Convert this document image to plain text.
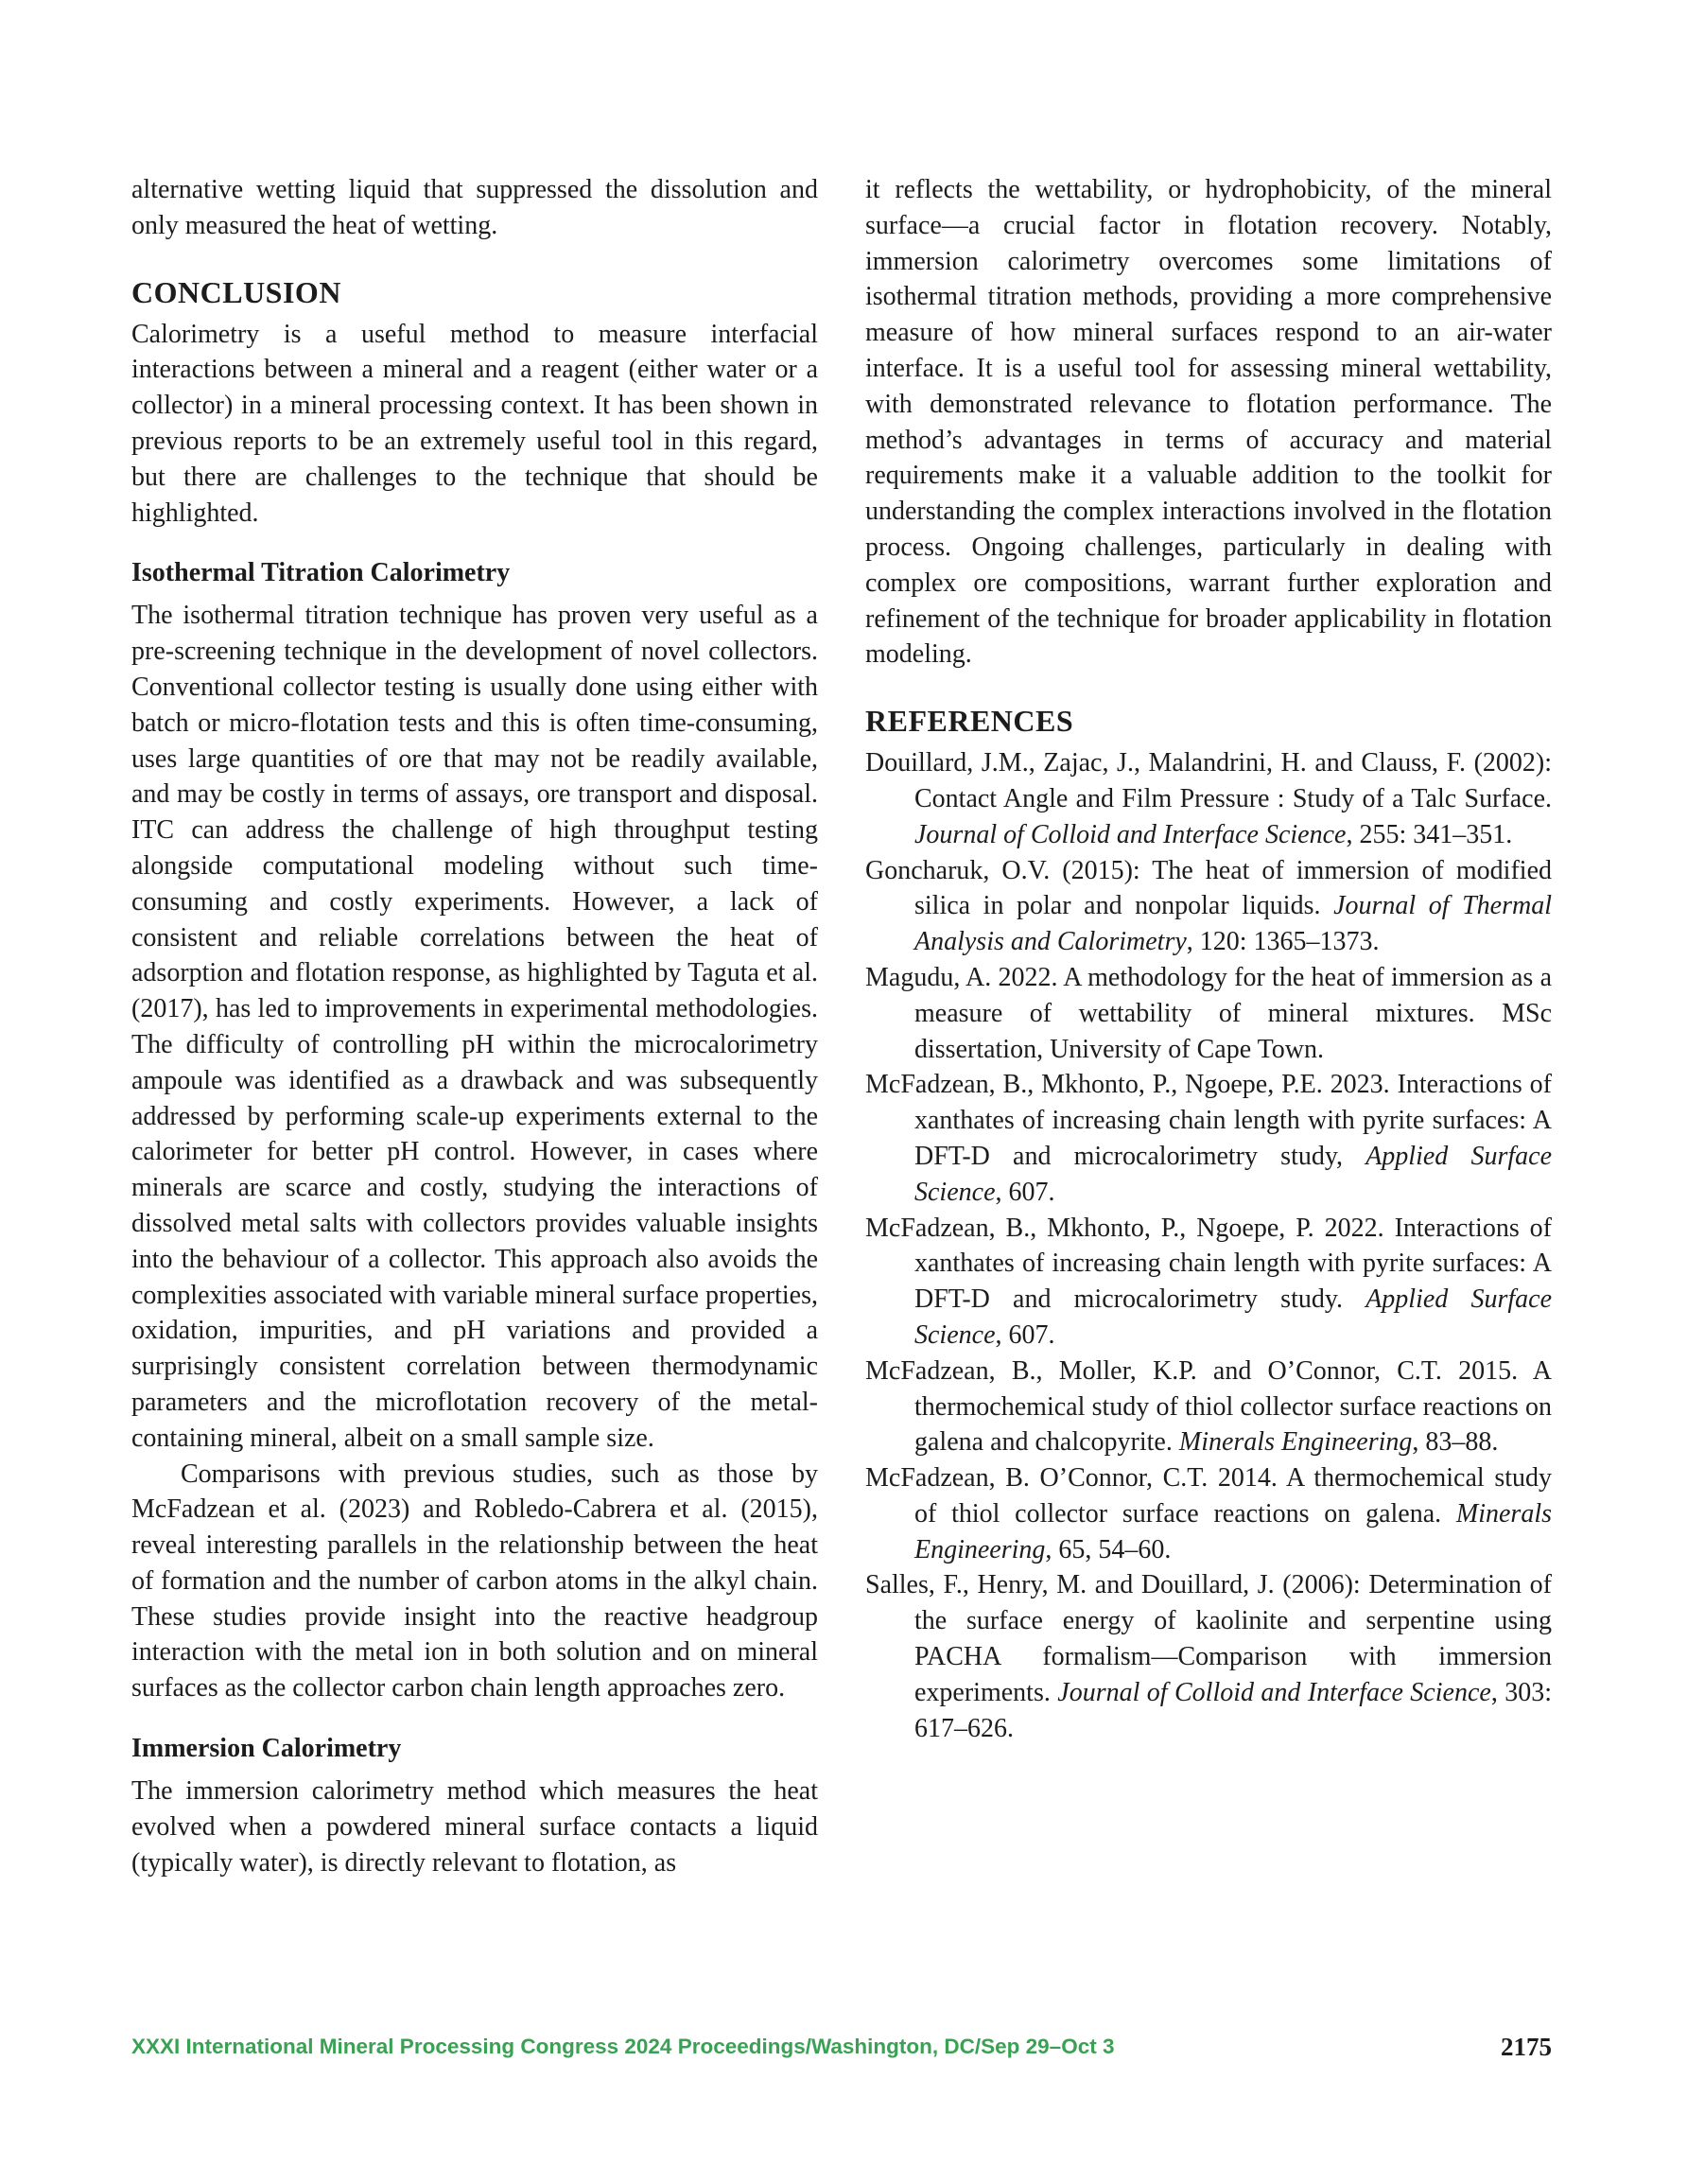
alternative wetting liquid that suppressed the dissolution and only measured the heat of wetting.

CONCLUSION

Calorimetry is a useful method to measure interfacial interactions between a mineral and a reagent (either water or a collector) in a mineral processing context. It has been shown in previous reports to be an extremely useful tool in this regard, but there are challenges to the technique that should be highlighted.

Isothermal Titration Calorimetry

The isothermal titration technique has proven very useful as a pre-screening technique in the development of novel collectors. Conventional collector testing is usually done using either with batch or micro-flotation tests and this is often time-consuming, uses large quantities of ore that may not be readily available, and may be costly in terms of assays, ore transport and disposal. ITC can address the challenge of high throughput testing alongside computational modeling without such time-consuming and costly experiments. However, a lack of consistent and reliable correlations between the heat of adsorption and flotation response, as highlighted by Taguta et al. (2017), has led to improvements in experimental methodologies. The difficulty of controlling pH within the microcalorimetry ampoule was identified as a drawback and was subsequently addressed by performing scale-up experiments external to the calorimeter for better pH control. However, in cases where minerals are scarce and costly, studying the interactions of dissolved metal salts with collectors provides valuable insights into the behaviour of a collector. This approach also avoids the complexities associated with variable mineral surface properties, oxidation, impurities, and pH variations and provided a surprisingly consistent correlation between thermodynamic parameters and the microflotation recovery of the metal-containing mineral, albeit on a small sample size.

Comparisons with previous studies, such as those by McFadzean et al. (2023) and Robledo-Cabrera et al. (2015), reveal interesting parallels in the relationship between the heat of formation and the number of carbon atoms in the alkyl chain. These studies provide insight into the reactive headgroup interaction with the metal ion in both solution and on mineral surfaces as the collector carbon chain length approaches zero.

Immersion Calorimetry

The immersion calorimetry method which measures the heat evolved when a powdered mineral surface contacts a liquid (typically water), is directly relevant to flotation, as

it reflects the wettability, or hydrophobicity, of the mineral surface—a crucial factor in flotation recovery. Notably, immersion calorimetry overcomes some limitations of isothermal titration methods, providing a more comprehensive measure of how mineral surfaces respond to an air-water interface. It is a useful tool for assessing mineral wettability, with demonstrated relevance to flotation performance. The method’s advantages in terms of accuracy and material requirements make it a valuable addition to the toolkit for understanding the complex interactions involved in the flotation process. Ongoing challenges, particularly in dealing with complex ore compositions, warrant further exploration and refinement of the technique for broader applicability in flotation modeling.

REFERENCES
Douillard, J.M., Zajac, J., Malandrini, H. and Clauss, F. (2002): Contact Angle and Film Pressure : Study of a Talc Surface. Journal of Colloid and Interface Science, 255: 341–351.
Goncharuk, O.V. (2015): The heat of immersion of modified silica in polar and nonpolar liquids. Journal of Thermal Analysis and Calorimetry, 120: 1365–1373.
Magudu, A. 2022. A methodology for the heat of immersion as a measure of wettability of mineral mixtures. MSc dissertation, University of Cape Town.
McFadzean, B., Mkhonto, P., Ngoepe, P.E. 2023. Interactions of xanthates of increasing chain length with pyrite surfaces: A DFT-D and microcalorimetry study, Applied Surface Science, 607.
McFadzean, B., Mkhonto, P., Ngoepe, P. 2022. Interactions of xanthates of increasing chain length with pyrite surfaces: A DFT-D and microcalorimetry study. Applied Surface Science, 607.
McFadzean, B., Moller, K.P. and O’Connor, C.T. 2015. A thermochemical study of thiol collector surface reactions on galena and chalcopyrite. Minerals Engineering, 83–88.
McFadzean, B. O’Connor, C.T. 2014. A thermochemical study of thiol collector surface reactions on galena. Minerals Engineering, 65, 54–60.
Salles, F., Henry, M. and Douillard, J. (2006): Determination of the surface energy of kaolinite and serpentine using PACHA formalism—Comparison with immersion experiments. Journal of Colloid and Interface Science, 303: 617–626.
XXXI International Mineral Processing Congress 2024 Proceedings/Washington, DC/Sep 29–Oct 3	2175
